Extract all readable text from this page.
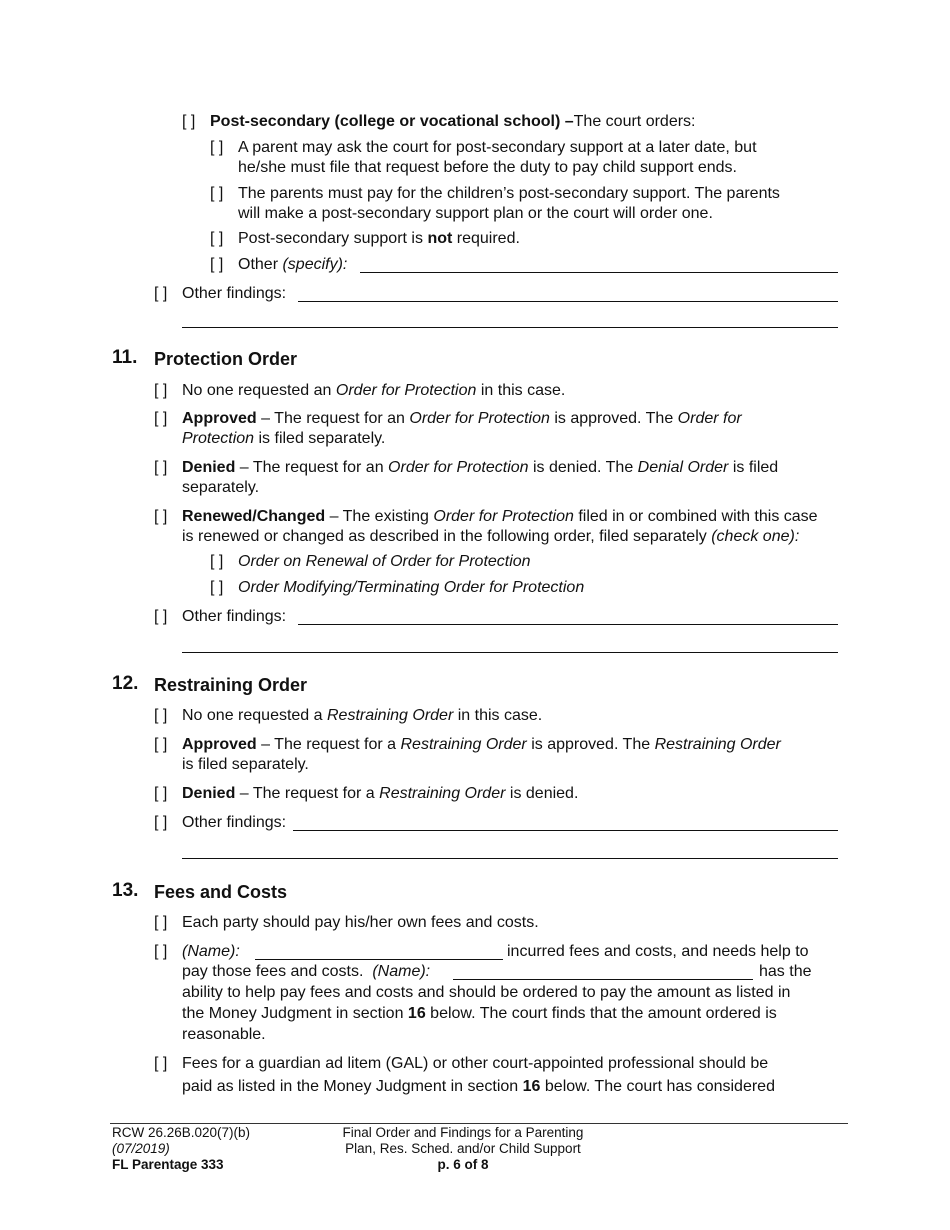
[ ] Post-secondary (college or vocational school) –The court orders:
[ ] A parent may ask the court for post-secondary support at a later date, but
he/she must file that request before the duty to pay child support ends.
[ ] The parents must pay for the children’s post-secondary support. The parents
will make a post-secondary support plan or the court will order one.
[ ] Post-secondary support is not required.
[ ] Other (specify):
[ ] Other findings:
11. Protection Order
[ ] No one requested an Order for Protection in this case.
[ ] Approved – The request for an Order for Protection is approved. The Order for
Protection is filed separately.
[ ] Denied – The request for an Order for Protection is denied. The Denial Order is filed
separately.
[ ] Renewed/Changed – The existing Order for Protection filed in or combined with this case
is renewed or changed as described in the following order, filed separately (check one):
[ ] Order on Renewal of Order for Protection
[ ] Order Modifying/Terminating Order for Protection
[ ] Other findings:
12. Restraining Order
[ ] No one requested a Restraining Order in this case.
[ ] Approved – The request for a Restraining Order is approved. The Restraining Order
is filed separately.
[ ] Denied – The request for a Restraining Order is denied.
[ ] Other findings:
13. Fees and Costs
[ ] Each party should pay his/her own fees and costs.
[ ] (Name):	incurred fees and costs, and needs help to
pay those fees and costs. (Name):	has the
ability to help pay fees and costs and should be ordered to pay the amount as listed in
the Money Judgment in section 16 below. The court finds that the amount ordered is
reasonable.
[ ] Fees for a guardian ad litem (GAL) or other court-appointed professional should be
paid as listed in the Money Judgment in section 16 below. The court has considered
RCW 26.26B.020(7)(b)
(07/2019)
FL Parentage 333
Final Order and Findings for a Parenting
Plan, Res. Sched. and/or Child Support
p. 6 of 8
